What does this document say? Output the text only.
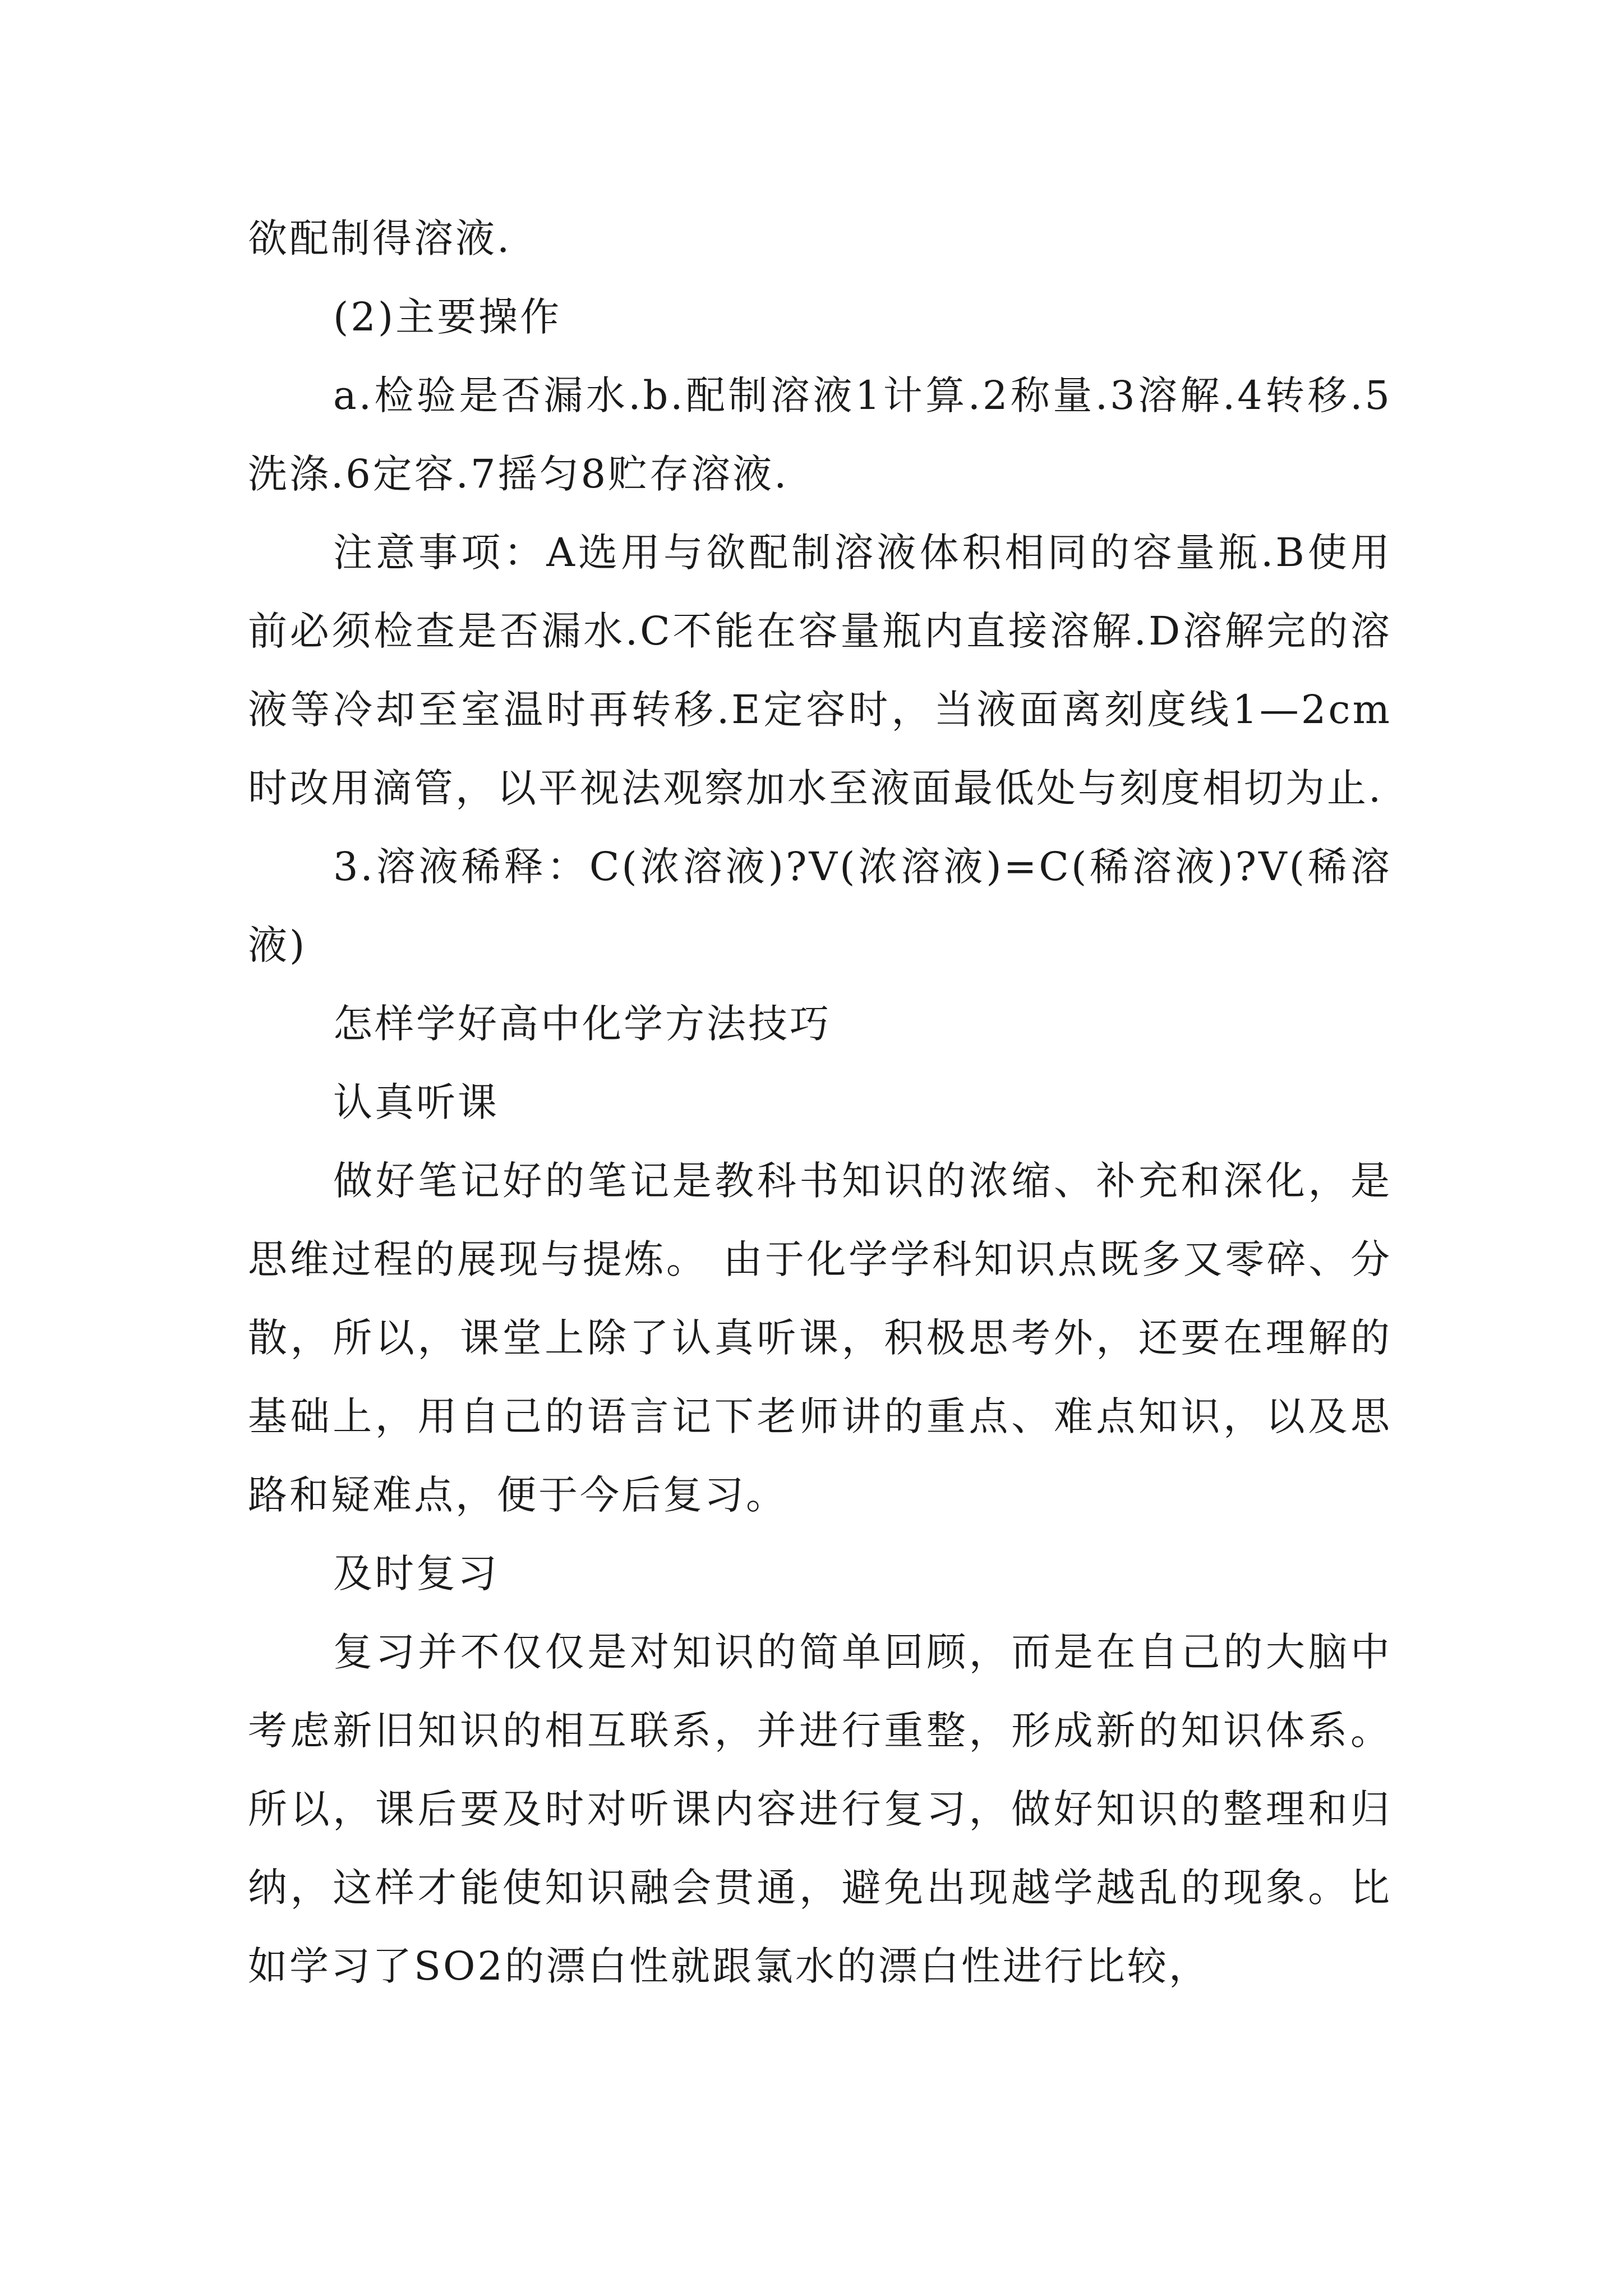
欲配制得溶液.

(2)主要操作

a.检验是否漏水.b.配制溶液1计算.2称量.3溶解.4转移.5洗涤.6定容.7摇匀8贮存溶液.

注意事项：A选用与欲配制溶液体积相同的容量瓶.B使用前必须检查是否漏水.C不能在容量瓶内直接溶解.D溶解完的溶液等冷却至室温时再转移.E定容时，当液面离刻度线1—2cm时改用滴管，以平视法观察加水至液面最低处与刻度相切为止.

3.溶液稀释：C(浓溶液)?V(浓溶液)=C(稀溶液)?V(稀溶液)

怎样学好高中化学方法技巧

认真听课

做好笔记好的笔记是教科书知识的浓缩、补充和深化，是思维过程的展现与提炼。 由于化学学科知识点既多又零碎、分散，所以，课堂上除了认真听课，积极思考外，还要在理解的基础上，用自己的语言记下老师讲的重点、难点知识，以及思路和疑难点，便于今后复习。

及时复习

复习并不仅仅是对知识的简单回顾，而是在自己的大脑中考虑新旧知识的相互联系，并进行重整，形成新的知识体系。所以，课后要及时对听课内容进行复习，做好知识的整理和归纳，这样才能使知识融会贯通，避免出现越学越乱的现象。比如学习了SO2的漂白性就跟氯水的漂白性进行比较，
